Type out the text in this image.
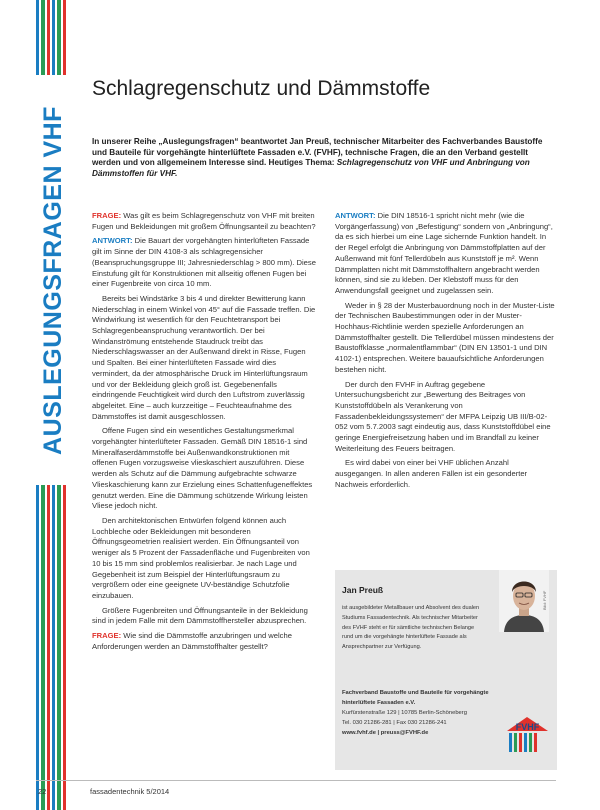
AUSLEGUNGSFRAGEN VHF
Schlagregenschutz und Dämmstoffe

In unserer Reihe „Auslegungsfragen“ beantwortet Jan Preuß, technischer Mitarbeiter des Fachverbandes Baustoffe und Bauteile für vorgehängte hinterlüftete Fassaden e.V. (FVHF), technische Fragen, die an den Verband gestellt werden und von allgemeinem Interesse sind. Heutiges Thema: Schlagregenschutz von VHF und Anbringung von Dämmstoffen für VHF.

FRAGE: Was gilt es beim Schlagregenschutz von VHF mit breiten Fugen und Bekleidungen mit großem Öffnungsanteil zu beachten?

ANTWORT: Die Bauart der vorgehängten hinterlüfteten Fassade gilt im Sinne der DIN 4108-3 als schlagregensicher (Beanspruchungsgruppe III; Jahresniederschlag > 800 mm). Diese Einstufung gilt für Konstruktionen mit allseitig offenen Fugen bei einer Fugenbreite von circa 10 mm.

Bereits bei Windstärke 3 bis 4 und direkter Bewitterung kann Niederschlag in einem Winkel von 45° auf die Fassade treffen. Die Windwirkung ist wesentlich für den Feuchtetransport bei Schlagregenbeanspruchung verantwortlich. Der bei Windanströmung entstehende Staudruck treibt das Niederschlagswasser an der Außenwand direkt in Risse, Fugen und Spalten. Bei einer hinterlüfteten Fassade wird dies vermindert, da der atmosphärische Druck im Hinterlüftungsraum und vor der Bekleidung gleich groß ist. Gegebenenfalls eindringende Feuchtigkeit wird durch den Luftstrom zuverlässig abgeleitet. Eine – auch kurzzeitige – Feuchteaufnahme des Dämmstoffes ist damit ausgeschlossen.

Offene Fugen sind ein wesentliches Gestaltungsmerkmal vorgehängter hinterlüfteter Fassaden. Gemäß DIN 18516-1 sind Mineralfaserdämmstoffe bei Außenwandkonstruktionen mit offenen Fugen vorzugsweise vlieskaschiert auszuführen. Diese werden als Schutz auf die Dämmung aufgebrachte schwarze Vlieskaschierung kann zur Erzielung eines Schattenfugeneffektes genutzt werden. Eine die Dämmung schützende Wirkung leisten Vliese jedoch nicht.

Den architektonischen Entwürfen folgend können auch Lochbleche oder Bekleidungen mit besonderen Öffnungsgeometrien realisiert werden. Ein Öffnungsanteil von weniger als 5 Prozent der Fassadenfläche und Fugenbreiten von 10 bis 15 mm sind problemlos realisierbar. Je nach Lage und Gegebenheit ist zum Beispiel der Hinterlüftungsraum zu vergrößern oder eine geeignete UV-beständige Schutzfolie einzubauen.

Größere Fugenbreiten und Öffnungsanteile in der Bekleidung sind in jedem Falle mit dem Dämmstoffhersteller abzusprechen.

FRAGE: Wie sind die Dämmstoffe anzubringen und welche Anforderungen werden an Dämmstoffhalter gestellt?

ANTWORT: Die DIN 18516-1 spricht nicht mehr (wie die Vorgängerfassung) von „Befestigung“ sondern von „Anbringung“, da es sich hierbei um eine Lage sichernde Funktion handelt. In der Regel erfolgt die Anbringung von Dämmstoffplatten auf der Außenwand mit fünf Tellerdübeln aus Kunststoff je m². Wenn Dämmplatten nicht mit Dämmstoffhaltern angebracht werden können, sind sie zu kleben. Der Klebstoff muss für den Anwendungsfall geeignet und zugelassen sein.

Weder in § 28 der Musterbauordnung noch in der Muster-Liste der Technischen Baubestimmungen oder in der Muster-Hochhaus-Richtlinie werden spezielle Anforderungen an Dämmstoffhalter gestellt. Die Tellerdübel müssen mindestens der Baustoffklasse „normalentflammbar“ (DIN EN 13501-1 und DIN 4102-1) entsprechen. Weitere bauaufsichtliche Anforderungen bestehen nicht.

Der durch den FVHF in Auftrag gegebene Untersuchungsbericht zur „Bewertung des Beitrages von Kunststoffdübeln als Verankerung von Fassadenbekleidungssystemen“ der MFPA Leipzig UB III/B-02-052 vom 5.7.2003 sagt eindeutig aus, dass Kunststoffdübel eine geringe Energiefreisetzung haben und im Brandfall zu keiner Weiterleitung des Feuers beitragen.

Es wird dabei von einer bei VHF üblichen Anzahl ausgegangen. In allen anderen Fällen ist ein gesonderter Nachweis erforderlich.

Jan Preuß
ist ausgebildeter Metallbauer und Absolvent des dualen Studiums Fassadentechnik. Als technischer Mitarbeiter des FVHF steht er für sämtliche technischen Belange rund um die vorgehängte hinterlüftete Fassade als Ansprechpartner zur Verfügung.
Bild: FVHF
Fachverband Baustoffe und Bauteile für vorgehängte hinterlüftete Fassaden e.V.
Kurfürstenstraße 129 | 10785 Berlin-Schöneberg
Tel. 030 21286-281 | Fax 030 21286-241
www.fvhf.de | preuss@FVHF.de
FVHF
22	fassadentechnik 5/2014
